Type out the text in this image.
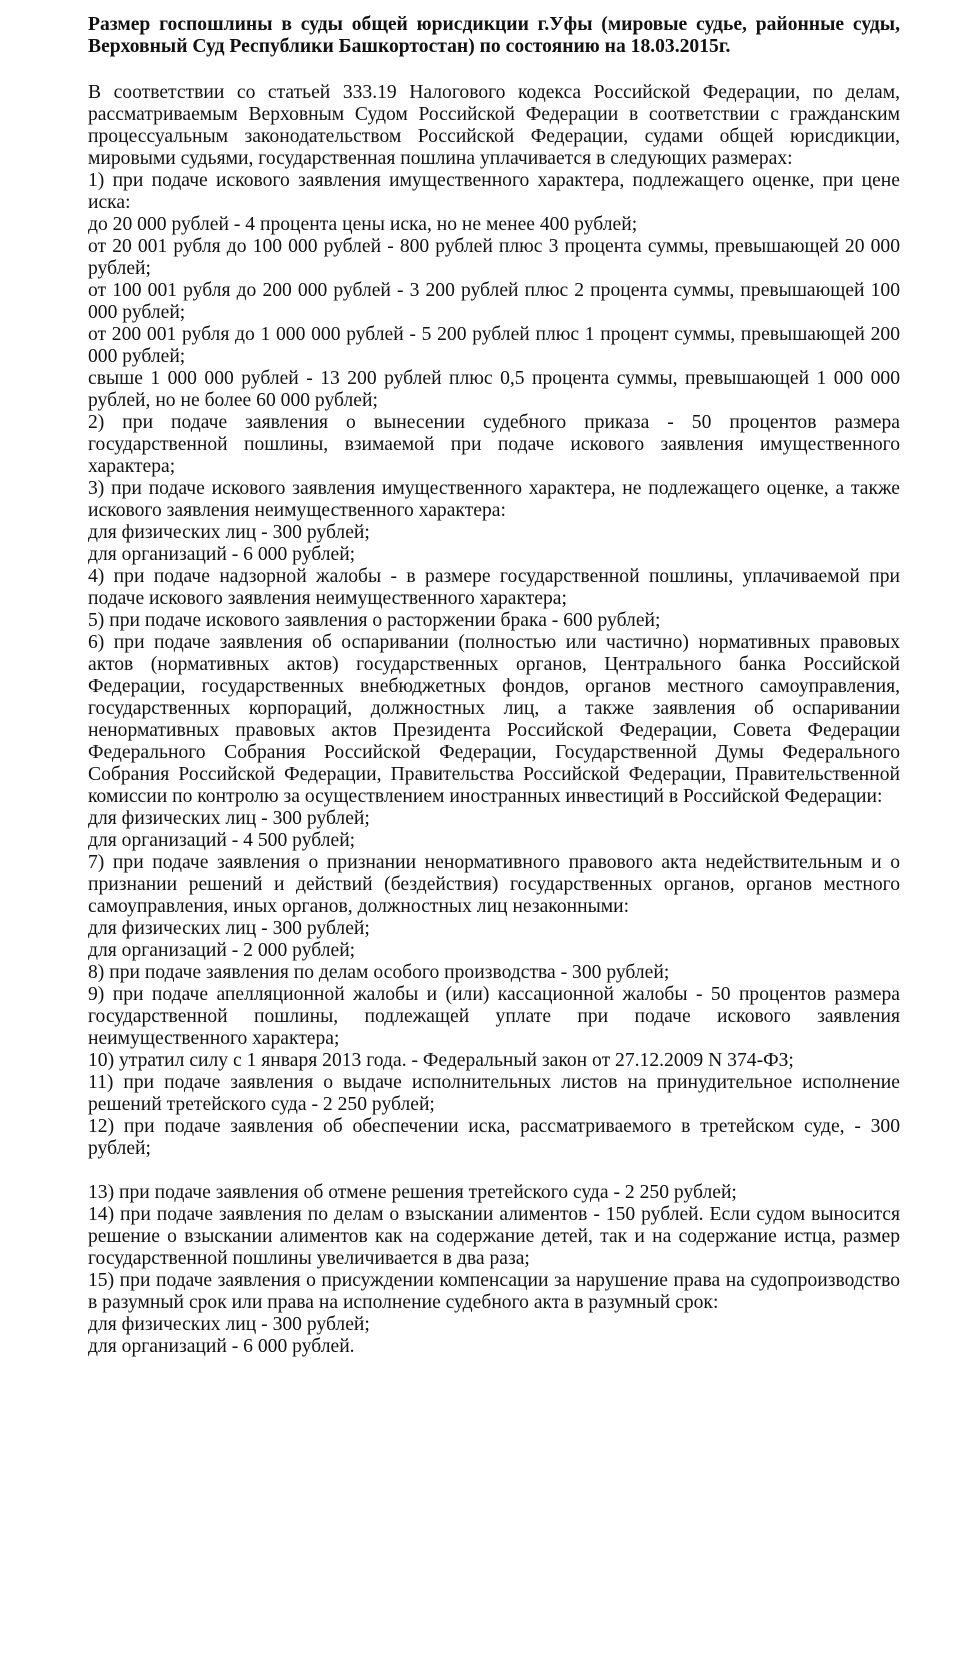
Размер госпошлины в суды общей юрисдикции г.Уфы (мировые судье, районные суды, Верховный Суд Республики Башкортостан) по состоянию на 18.03.2015г.

В соответствии со статьей 333.19 Налогового кодекса Российской Федерации, по делам, рассматриваемым Верховным Судом Российской Федерации в соответствии с гражданским процессуальным законодательством Российской Федерации, судами общей юрисдикции, мировыми судьями, государственная пошлина уплачивается в следующих размерах:

1) при подаче искового заявления имущественного характера, подлежащего оценке, при цене иска:

до 20 000 рублей - 4 процента цены иска, но не менее 400 рублей;

от 20 001 рубля до 100 000 рублей - 800 рублей плюс 3 процента суммы, превышающей 20 000 рублей;

от 100 001 рубля до 200 000 рублей - 3 200 рублей плюс 2 процента суммы, превышающей 100 000 рублей;

от 200 001 рубля до 1 000 000 рублей - 5 200 рублей плюс 1 процент суммы, превышающей 200 000 рублей;

свыше 1 000 000 рублей - 13 200 рублей плюс 0,5 процента суммы, превышающей 1 000 000 рублей, но не более 60 000 рублей;

2) при подаче заявления о вынесении судебного приказа - 50 процентов размера государственной пошлины, взимаемой при подаче искового заявления имущественного характера;

3) при подаче искового заявления имущественного характера, не подлежащего оценке, а также искового заявления неимущественного характера:

для физических лиц - 300 рублей;

для организаций - 6 000 рублей;

4) при подаче надзорной жалобы - в размере государственной пошлины, уплачиваемой при подаче искового заявления неимущественного характера;

5) при подаче искового заявления о расторжении брака - 600 рублей;

6) при подаче заявления об оспаривании (полностью или частично) нормативных правовых актов (нормативных актов) государственных органов, Центрального банка Российской Федерации, государственных внебюджетных фондов, органов местного самоуправления, государственных корпораций, должностных лиц, а также заявления об оспаривании ненормативных правовых актов Президента Российской Федерации, Совета Федерации Федерального Собрания Российской Федерации, Государственной Думы Федерального Собрания Российской Федерации, Правительства Российской Федерации, Правительственной комиссии по контролю за осуществлением иностранных инвестиций в Российской Федерации:

для физических лиц - 300 рублей;

для организаций - 4 500 рублей;

7) при подаче заявления о признании ненормативного правового акта недействительным и о признании решений и действий (бездействия) государственных органов, органов местного самоуправления, иных органов, должностных лиц незаконными:

для физических лиц - 300 рублей;

для организаций - 2 000 рублей;

8) при подаче заявления по делам особого производства - 300 рублей;

9) при подаче апелляционной жалобы и (или) кассационной жалобы - 50 процентов размера государственной пошлины, подлежащей уплате при подаче искового заявления неимущественного характера;

10) утратил силу с 1 января 2013 года. - Федеральный закон от 27.12.2009 N 374-ФЗ;

11) при подаче заявления о выдаче исполнительных листов на принудительное исполнение решений третейского суда - 2 250 рублей;

12) при подаче заявления об обеспечении иска, рассматриваемого в третейском суде, - 300 рублей;

13) при подаче заявления об отмене решения третейского суда - 2 250 рублей;

14) при подаче заявления по делам о взыскании алиментов - 150 рублей. Если судом выносится решение о взыскании алиментов как на содержание детей, так и на содержание истца, размер государственной пошлины увеличивается в два раза;

15) при подаче заявления о присуждении компенсации за нарушение права на судопроизводство в разумный срок или права на исполнение судебного акта в разумный срок:

для физических лиц - 300 рублей;

для организаций - 6 000 рублей.
